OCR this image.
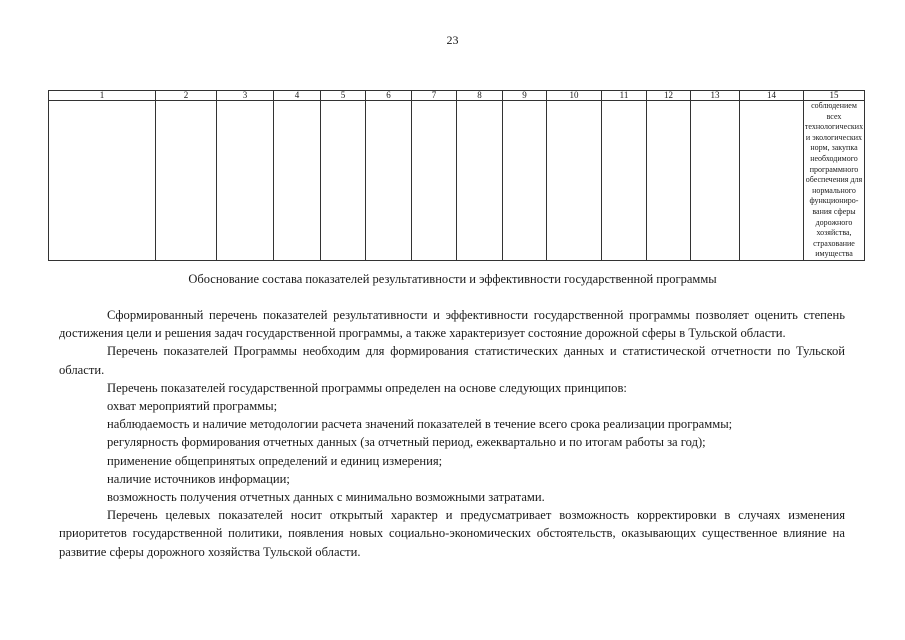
23
1	2	3	4	5	6	7	8	9	10	11	12	13	14	15
														соблюдением всех технологических и экологических норм, закупка необходимого программного обеспечения для нормального функциониро-вания сферы дорожного хозяйства, страхование имущества
Обоснование состава показателей результативности и эффективности государственной программы

Сформированный перечень показателей результативности и эффективности государственной программы позволяет оценить степень достижения цели и решения задач государственной программы, а также характеризует состояние дорожной сферы в Тульской области.

Перечень показателей Программы необходим для формирования статистических данных и статистической отчетности по Тульской области.

Перечень показателей государственной программы определен на основе следующих принципов:

охват мероприятий программы;

наблюдаемость и наличие методологии расчета значений показателей в течение всего срока реализации программы;

регулярность формирования отчетных данных (за отчетный период, ежеквартально и по итогам работы за год);

применение общепринятых определений и единиц измерения;

наличие источников информации;

возможность получения отчетных данных с минимально возможными затратами.

Перечень целевых показателей носит открытый характер и предусматривает возможность корректировки в случаях изменения приоритетов государственной политики, появления новых социально-экономических обстоятельств, оказывающих существенное влияние на развитие сферы дорожного хозяйства Тульской области.
